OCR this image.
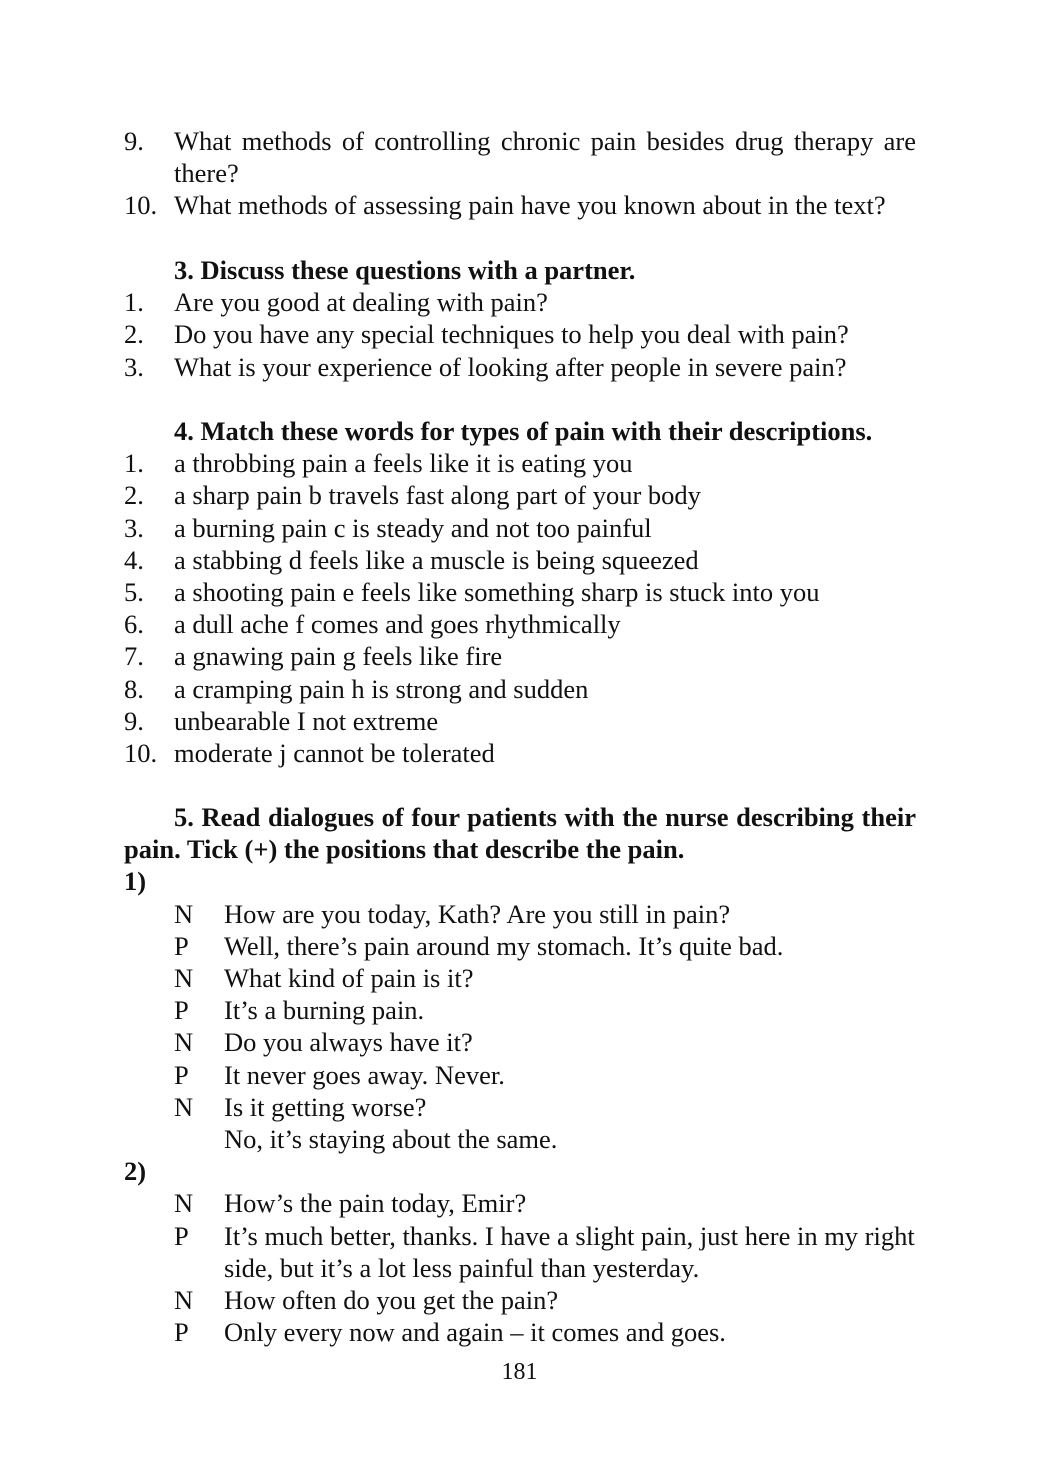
9.	What methods of controlling chronic pain besides drug therapy are there?
10. What methods of assessing pain have you known about in the text?
3. Discuss these questions with a partner.
1.	Are you good at dealing with pain?
2.	Do you have any special techniques to help you deal with pain?
3.	What is your experience of looking after people in severe pain?
4. Match these words for types of pain with their descriptions.
1.	a throbbing pain a feels like it is eating you
2.	a sharp pain b travels fast along part of your body
3.	a burning pain c is steady and not too painful
4.	a stabbing d feels like a muscle is being squeezed
5.	a shooting pain e feels like something sharp is stuck into you
6.	a dull ache f comes and goes rhythmically
7.	a gnawing pain g feels like fire
8.	a cramping pain h is strong and sudden
9.	unbearable I not extreme
10. moderate j cannot be tolerated
5. Read dialogues of four patients with the nurse describing their pain. Tick (+) the positions that describe the pain.
1)
N	How are you today, Kath? Are you still in pain?
P	Well, there’s pain around my stomach. It’s quite bad.
N	What kind of pain is it?
P	It’s a burning pain.
N	Do you always have it?
P	It never goes away. Never.
N	Is it getting worse?
No, it’s staying about the same.
2)
N	How’s the pain today, Emir?
P	It’s much better, thanks. I have a slight pain, just here in my right side, but it’s a lot less painful than yesterday.
N	How often do you get the pain?
P	Only every now and again – it comes and goes.
181
